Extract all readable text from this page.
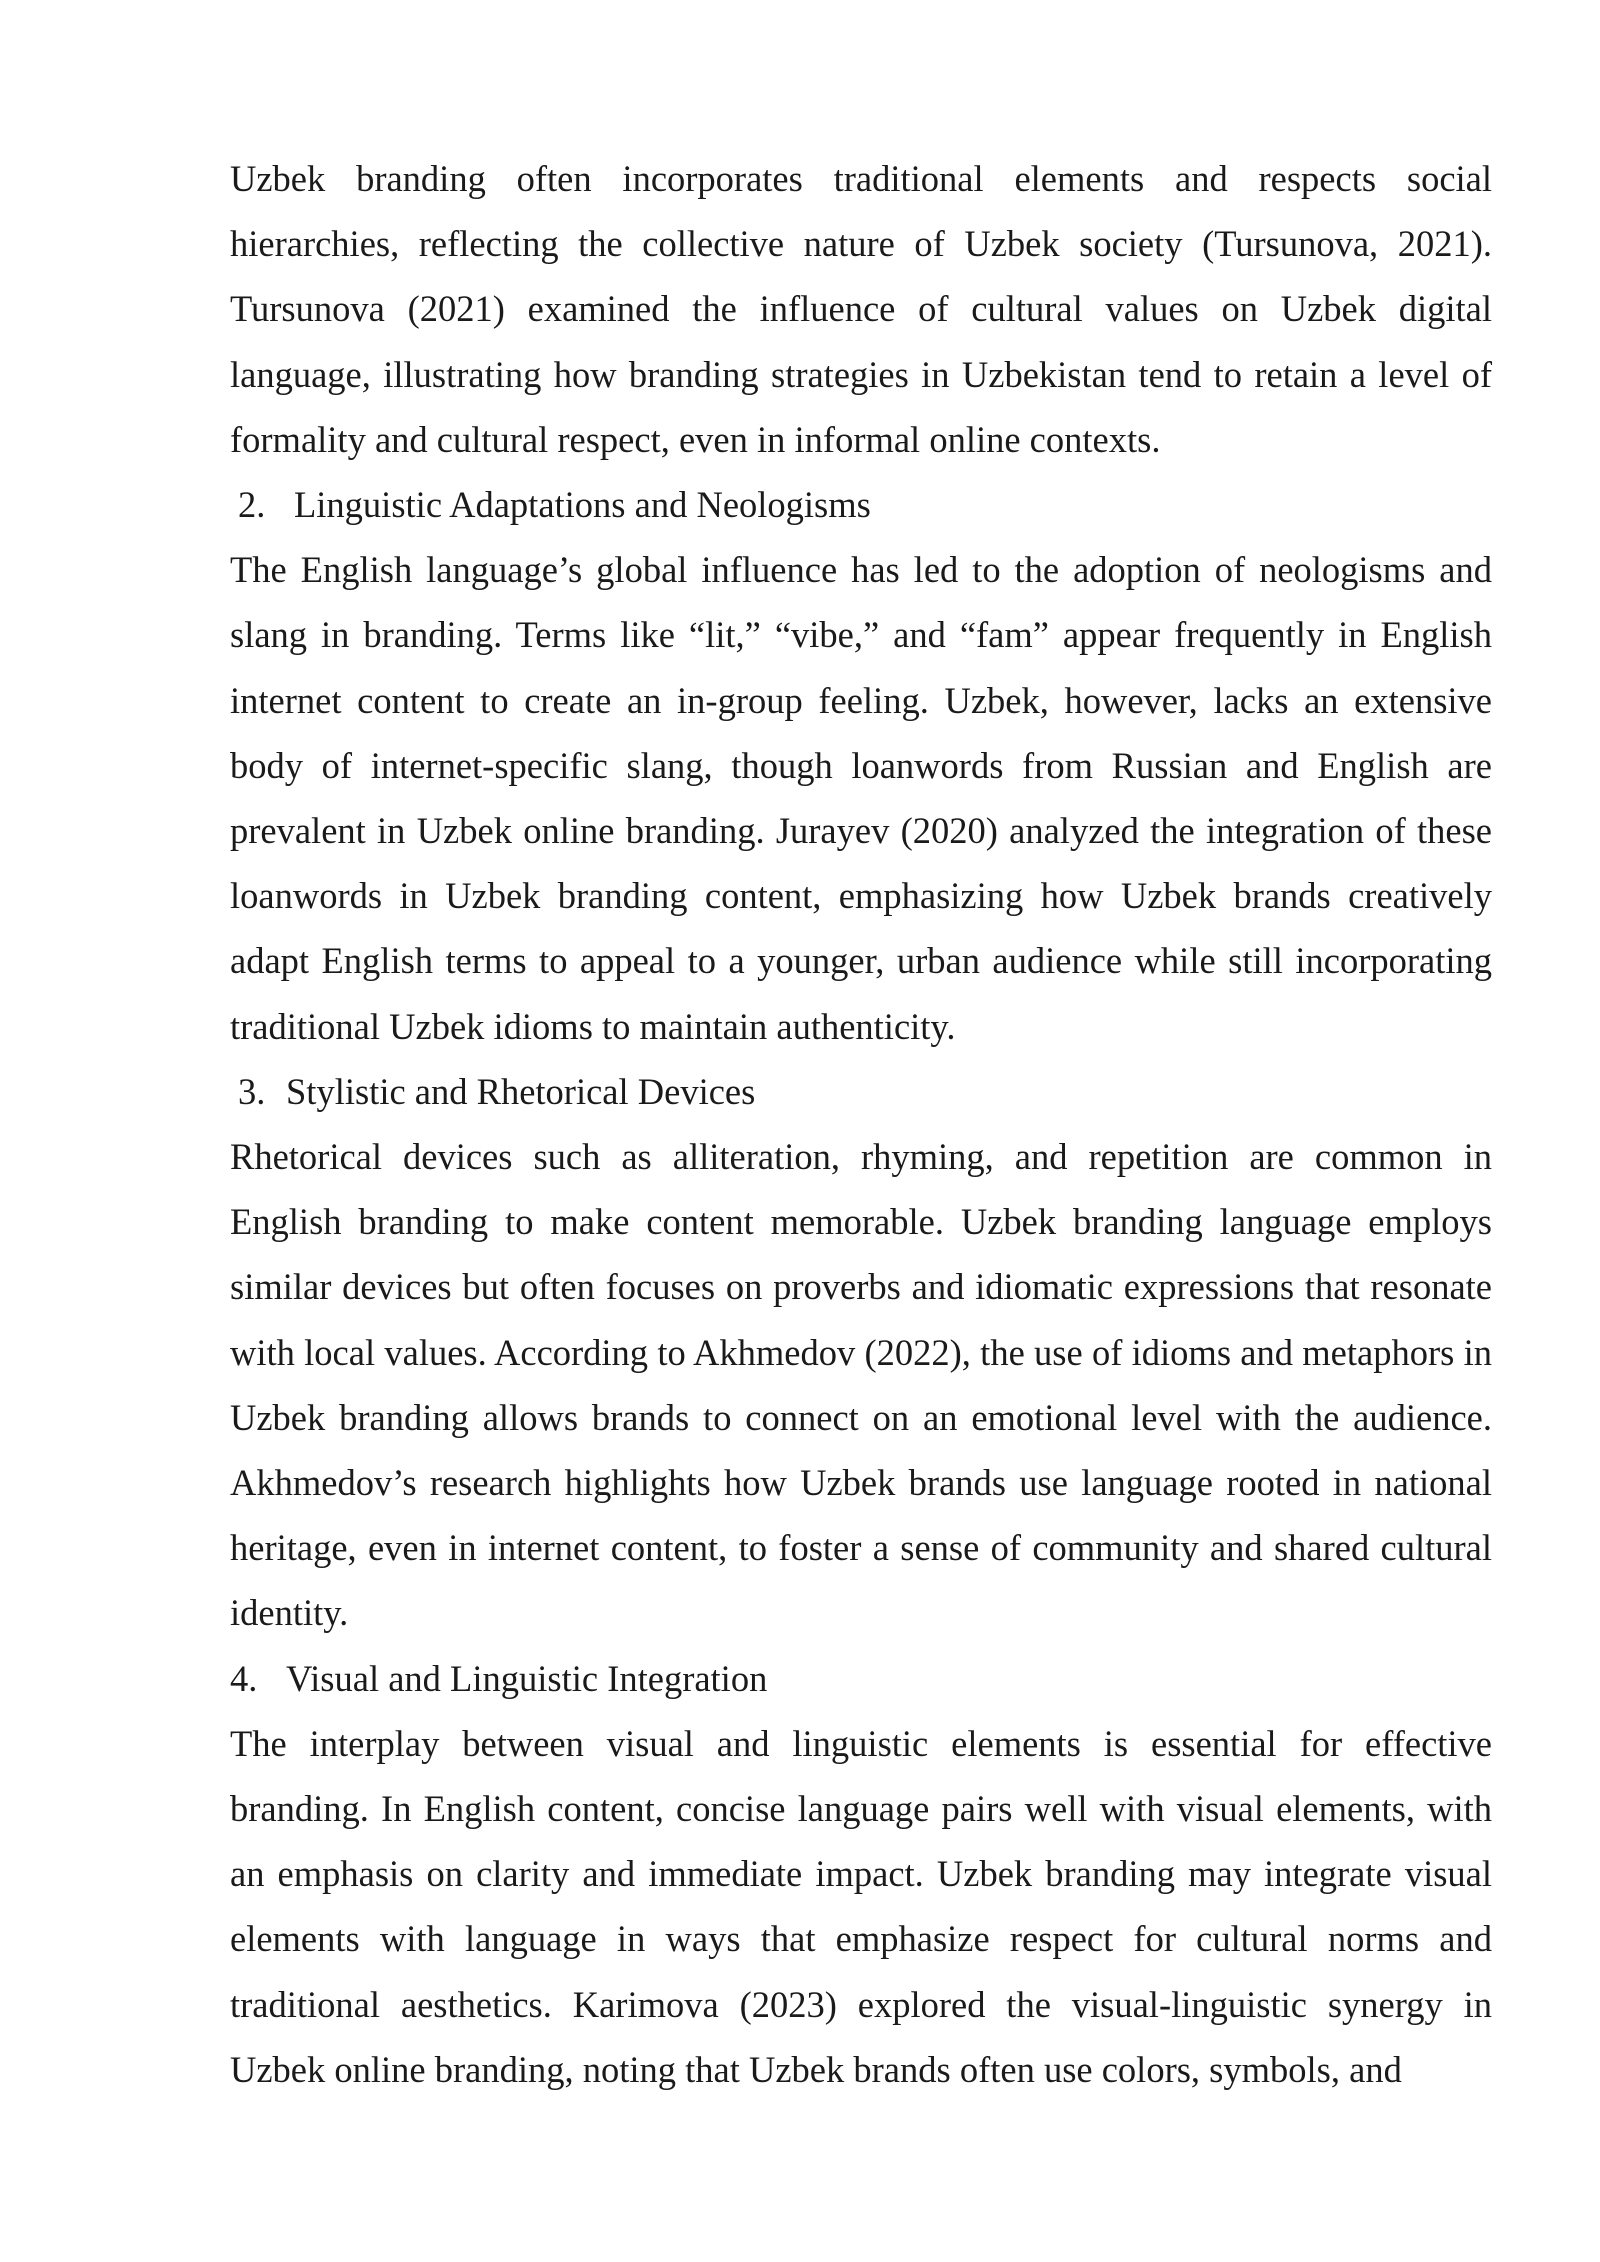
Uzbek branding often incorporates traditional elements and respects social hierarchies, reflecting the collective nature of Uzbek society (Tursunova, 2021). Tursunova (2021) examined the influence of cultural values on Uzbek digital language, illustrating how branding strategies in Uzbekistan tend to retain a level of formality and cultural respect, even in informal online contexts.

2. Linguistic Adaptations and Neologisms

The English language’s global influence has led to the adoption of neologisms and slang in branding. Terms like “lit,” “vibe,” and “fam” appear frequently in English internet content to create an in-group feeling. Uzbek, however, lacks an extensive body of internet-specific slang, though loanwords from Russian and English are prevalent in Uzbek online branding. Jurayev (2020) analyzed the integration of these loanwords in Uzbek branding content, emphasizing how Uzbek brands creatively adapt English terms to appeal to a younger, urban audience while still incorporating traditional Uzbek idioms to maintain authenticity.

3. Stylistic and Rhetorical Devices

Rhetorical devices such as alliteration, rhyming, and repetition are common in English branding to make content memorable. Uzbek branding language employs similar devices but often focuses on proverbs and idiomatic expressions that resonate with local values. According to Akhmedov (2022), the use of idioms and metaphors in Uzbek branding allows brands to connect on an emotional level with the audience. Akhmedov’s research highlights how Uzbek brands use language rooted in national heritage, even in internet content, to foster a sense of community and shared cultural identity.

4. Visual and Linguistic Integration

The interplay between visual and linguistic elements is essential for effective branding. In English content, concise language pairs well with visual elements, with an emphasis on clarity and immediate impact. Uzbek branding may integrate visual elements with language in ways that emphasize respect for cultural norms and traditional aesthetics. Karimova (2023) explored the visual-linguistic synergy in Uzbek online branding, noting that Uzbek brands often use colors, symbols, and
